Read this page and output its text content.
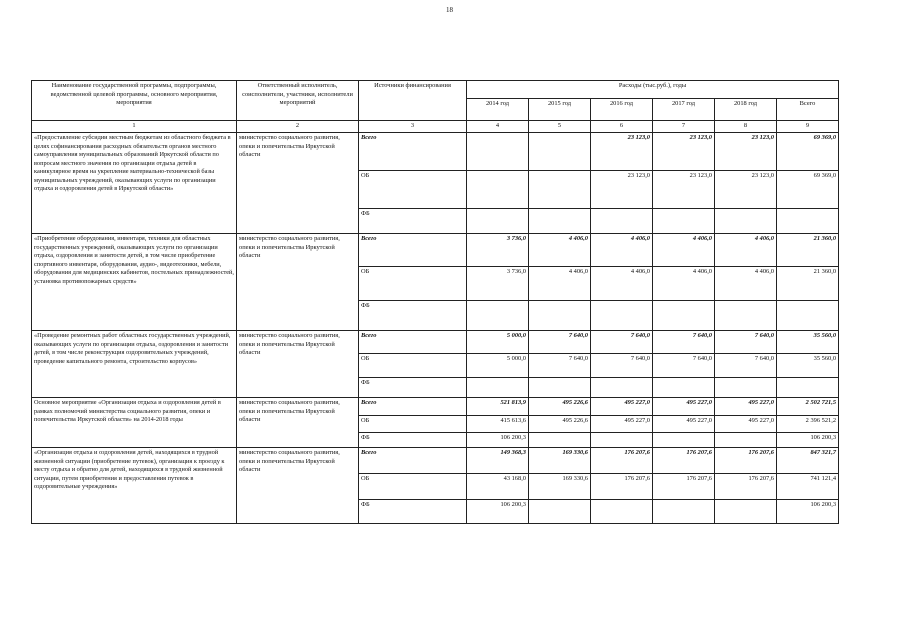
18
Наименование государственной программы, подпрограммы, ведомственной целевой программы, основного мероприятия, мероприятия	Ответственный исполнитель, соисполнители, участники, исполнители мероприятий	Источники финансирования	Расходы (тыс.руб.), годы					
			2014 год	2015 год	2016 год	2017 год	2018 год	Всего
1	2	3	4	5	6	7	8	9
«Предоставление субсидии местным бюджетам из областного бюджета в целях софинансирования расходных обязательств органов местного самоуправления муниципальных образований Иркутской области по вопросам местного значения по организации отдыха детей в каникулярное время на укрепление материально-технической базы муниципальных учреждений, оказывающих услуги по организации отдыха и оздоровления детей в Иркутской области»	министерство социального развития, опеки и попечительства Иркутской области	Всего			23 123,0	23 123,0	23 123,0	69 369,0
		ОБ			23 123,0	23 123,0	23 123,0	69 369,0
		ФБ						
«Приобретение оборудования, инвентаря, техники для областных государственных учреждений, оказывающих услуги по организации отдыха, оздоровления и занятости детей, в том числе приобретение спортивного инвентаря, оборудования, аудио-, видеотехники, мебели, оборудования для медицинских кабинетов, постельных принадлежностей, установка противопожарных средств»	министерство социального развития, опеки и попечительства Иркутской области	Всего	3 736,0	4 406,0	4 406,0	4 406,0	4 406,0	21 360,0
		ОБ	3 736,0	4 406,0	4 406,0	4 406,0	4 406,0	21 360,0
		ФБ						
«Проведение ремонтных работ областных государственных учреждений, оказывающих услуги по организации отдыха, оздоровления и занятости детей, в том числе реконструкция оздоровительных учреждений, проведение капитального ремонта, строительство корпусов»	министерство социального развития, опеки и попечительства Иркутской области	Всего	5 000,0	7 640,0	7 640,0	7 640,0	7 640,0	35 560,0
		ОБ	5 000,0	7 640,0	7 640,0	7 640,0	7 640,0	35 560,0
		ФБ						
Основное мероприятие «Организация отдыха и оздоровления детей в рамках полномочий министерства социального развития, опеки и попечительства Иркутской области» на 2014-2018 годы	министерство социального развития, опеки и попечительства Иркутской области	Всего	521 813,9	495 226,6	495 227,0	495 227,0	495 227,0	2 502 721,5
		ОБ	415 613,6	495 226,6	495 227,0	495 227,0	495 227,0	2 396 521,2
		ФБ	106 200,3					106 200,3
«Организация отдыха и оздоровления детей, находящихся в трудной жизненной ситуации (приобретение путевок), организация к проезду к месту отдыха и обратно для детей, находящихся в трудной жизненной ситуации, путем приобретения и предоставления путевок в оздоровительные учреждения»	министерство социального развития, опеки и попечительства Иркутской области	Всего	149 368,3	169 330,6	176 207,6	176 207,6	176 207,6	847 321,7
		ОБ	43 168,0	169 330,6	176 207,6	176 207,6	176 207,6	741 121,4
		ФБ	106 200,3					106 200,3
